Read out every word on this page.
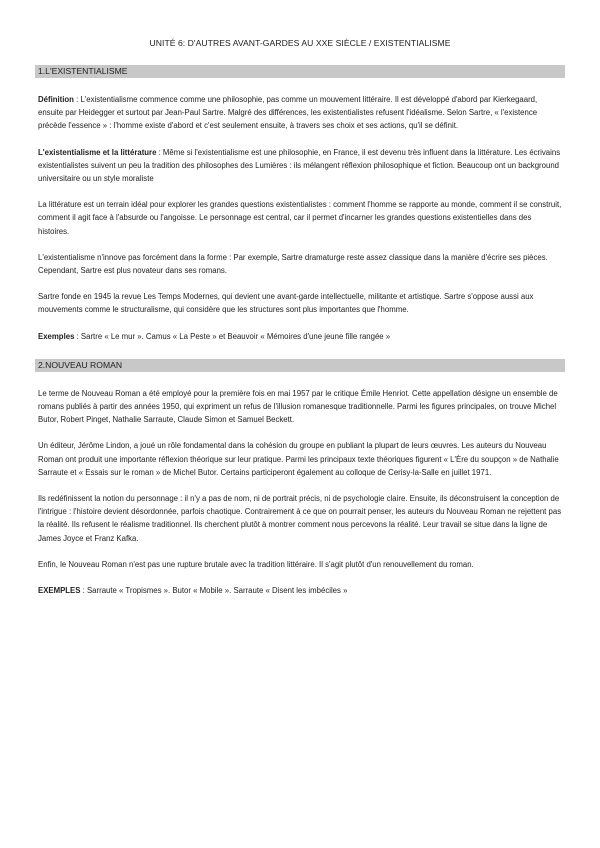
UNITÉ 6: D'AUTRES AVANT-GARDES AU XXE SIÈCLE / EXISTENTIALISME
1.L'EXISTENTIALISME

Définition : L'existentialisme commence comme une philosophie, pas comme un mouvement littéraire. Il est développé d'abord par Kierkegaard, ensuite par Heidegger et surtout par Jean-Paul Sartre. Malgré des différences, les existentialistes refusent l'idéalisme. Selon Sartre, « l'existence précède l'essence » : l'homme existe d'abord et c'est seulement ensuite, à travers ses choix et ses actions, qu'il se définit.

L'existentialisme et la littérature : Même si l'existentialisme est une philosophie, en France, il est devenu très influent dans la littérature. Les écrivains existentialistes suivent un peu la tradition des philosophes des Lumières : ils mélangent réflexion philosophique et fiction. Beaucoup ont un background universitaire ou un style moraliste

La littérature est un terrain idéal pour explorer les grandes questions existentialistes : comment l'homme se rapporte au monde, comment il se construit, comment il agit face à l'absurde ou l'angoisse. Le personnage est central, car il permet d'incarner les grandes questions existentielles dans des histoires.

L'existentialisme n'innove pas forcément dans la forme : Par exemple, Sartre dramaturge reste assez classique dans la manière d'écrire ses pièces. Cependant, Sartre est plus novateur dans ses romans.

Sartre fonde en 1945 la revue Les Temps Modernes, qui devient une avant-garde intellectuelle, militante et artistique. Sartre s'oppose aussi aux mouvements comme le structuralisme, qui considère que les structures sont plus importantes que l'homme.

Exemples : Sartre « Le mur ». Camus « La Peste » et Beauvoir « Mémoires d'une jeune fille rangée »

2.NOUVEAU ROMAN

Le terme de Nouveau Roman a été employé pour la première fois en mai 1957 par le critique Émile Henriot. Cette appellation désigne un ensemble de romans publiés à partir des années 1950, qui expriment un refus de l'illusion romanesque traditionnelle. Parmi les figures principales, on trouve Michel Butor, Robert Pinget, Nathalie Sarraute, Claude Simon et Samuel Beckett.

Un éditeur, Jérôme Lindon, a joué un rôle fondamental dans la cohésion du groupe en publiant la plupart de leurs œuvres. Les auteurs du Nouveau Roman ont produit une importante réflexion théorique sur leur pratique. Parmi les principaux texte théoriques figurent « L'Ère du soupçon » de Nathalie Sarraute et « Essais sur le roman » de Michel Butor. Certains participeront également au colloque de Cerisy-la-Salle en juillet 1971.

Ils redéfinissent la notion du personnage : il n'y a pas de nom, ni de portrait précis, ni de psychologie claire. Ensuite, ils déconstruisent la conception de l'intrigue : l'histoire devient désordonnée, parfois chaotique. Contrairement à ce que on pourrait penser, les auteurs du Nouveau Roman ne rejettent pas la réalité. Ils refusent le réalisme traditionnel. Ils cherchent plutôt à montrer comment nous percevons la réalité. Leur travail se situe dans la ligne de James Joyce et Franz Kafka.

Enfin, le Nouveau Roman n'est pas une rupture brutale avec la tradition littéraire. Il s'agit plutôt d'un renouvellement du roman.

EXEMPLES : Sarraute « Tropismes ». Butor « Mobile ». Sarraute « Disent les imbéciles »
